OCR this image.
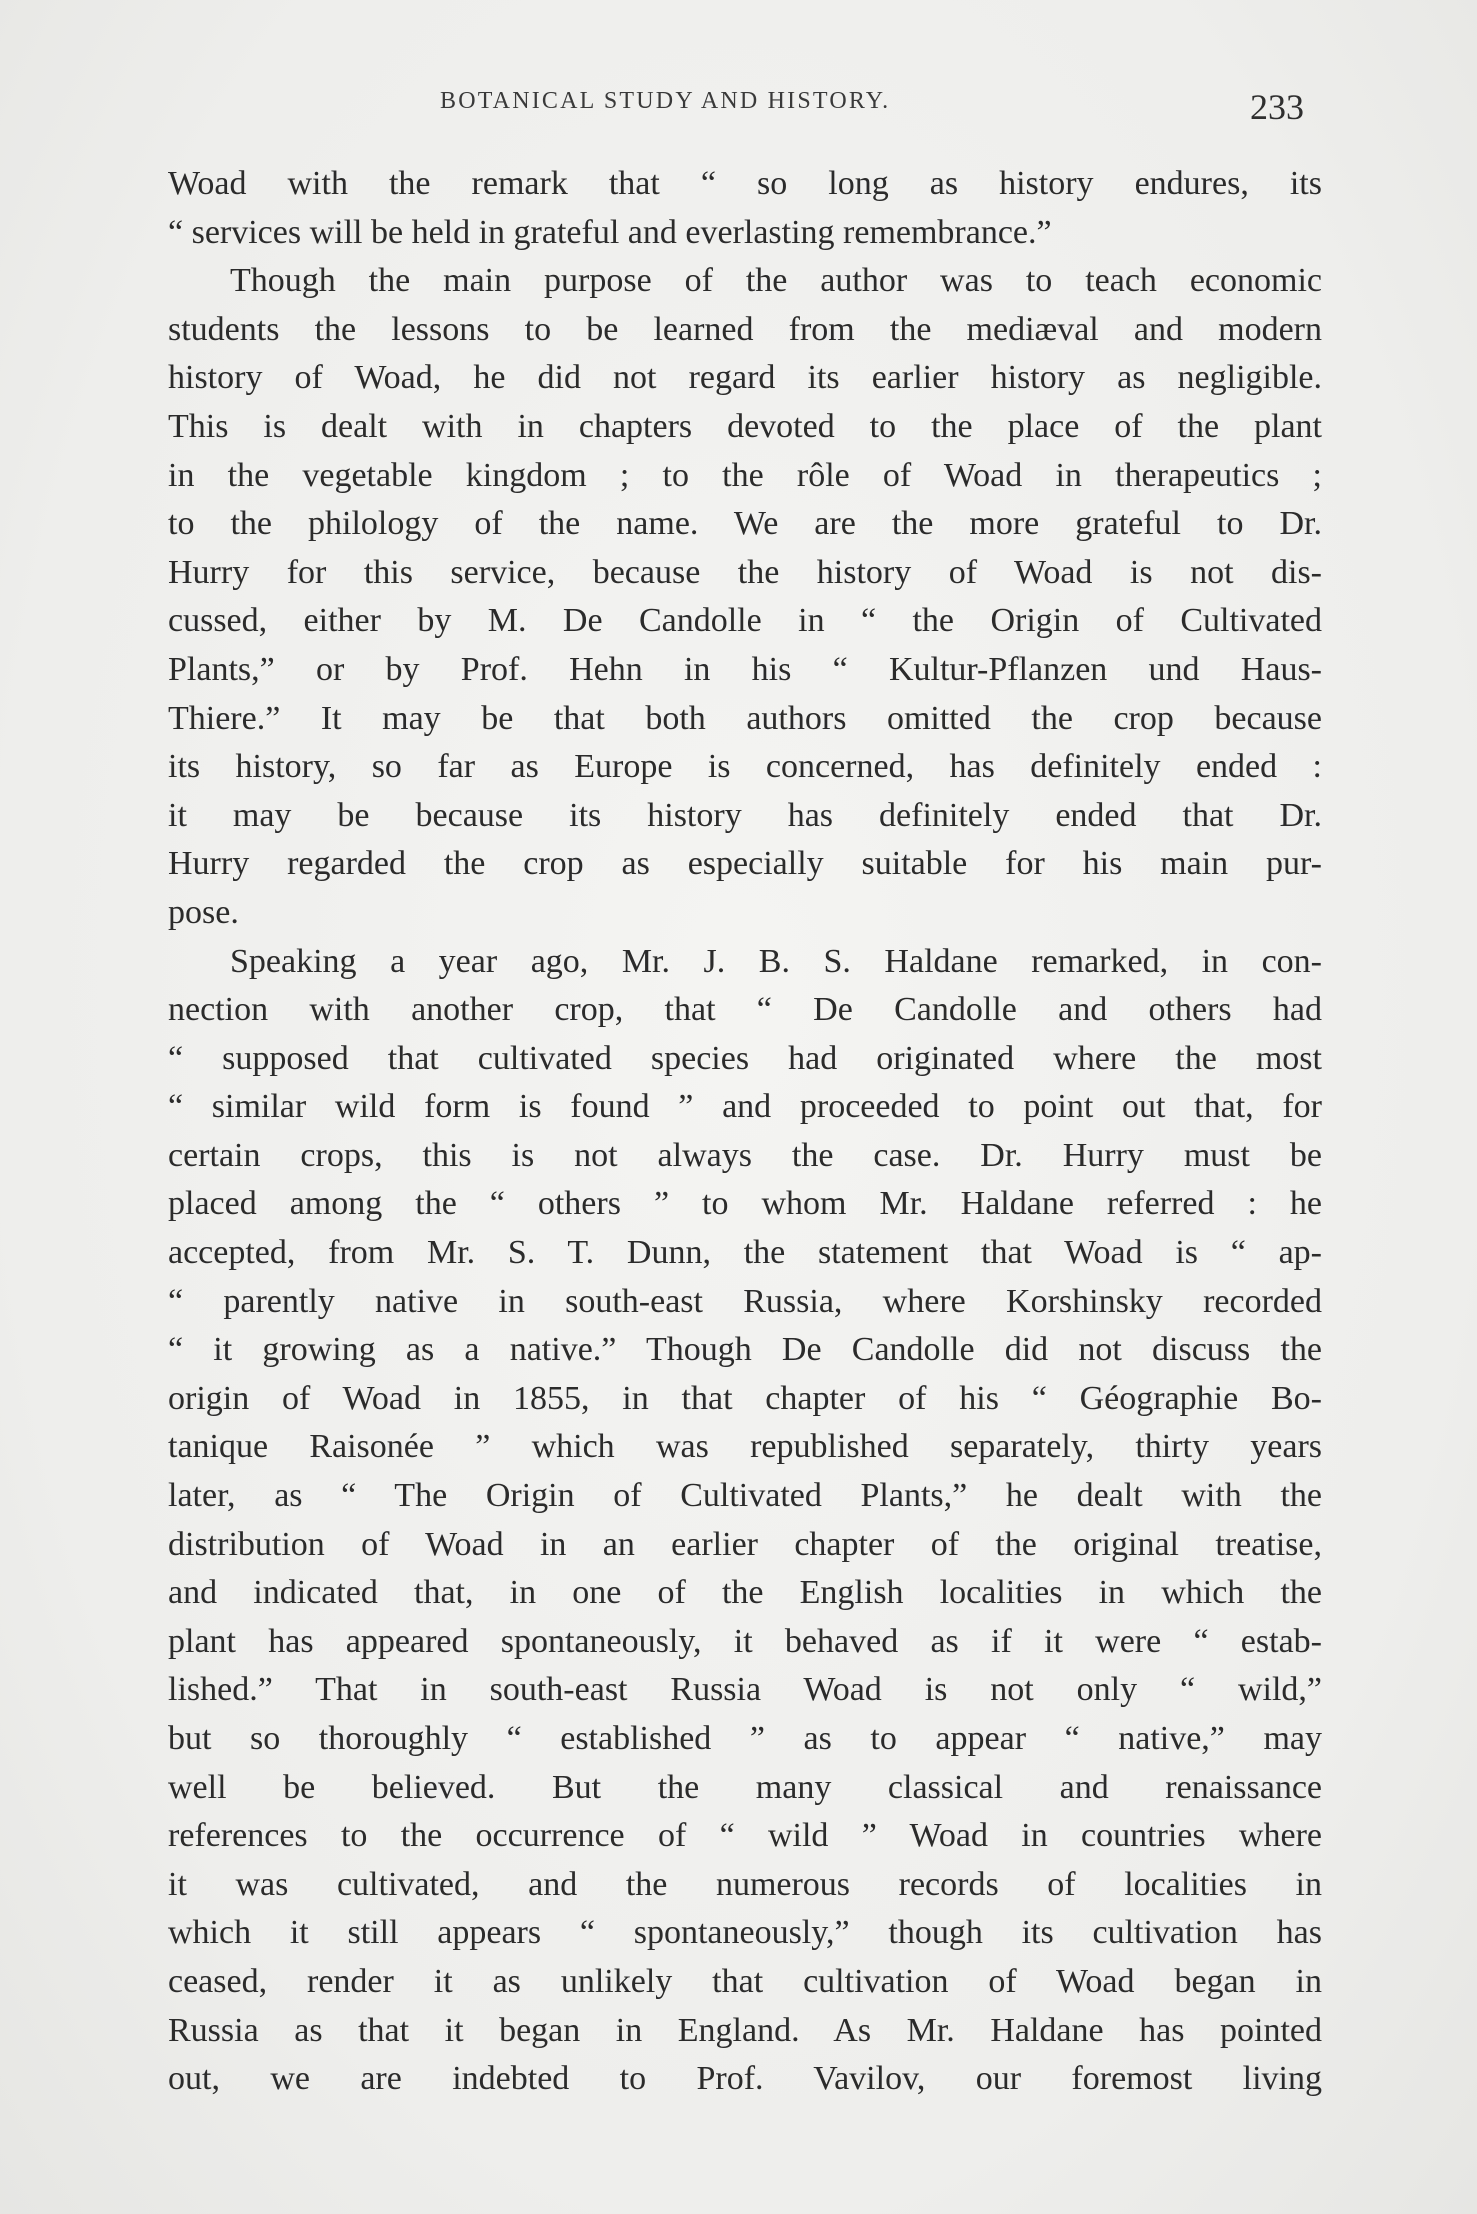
BOTANICAL STUDY AND HISTORY.	233
Woad with the remark that “ so long as history endures, its
“ services will be held in grateful and everlasting remembrance.”
Though the main purpose of the author was to teach economic
students the lessons to be learned from the mediæval and modern
history of Woad, he did not regard its earlier history as negligible.
This is dealt with in chapters devoted to the place of the plant
in the vegetable kingdom ; to the rôle of Woad in therapeutics ;
to the philology of the name. We are the more grateful to Dr.
Hurry for this service, because the history of Woad is not dis-
cussed, either by M. De Candolle in “ the Origin of Cultivated
Plants,” or by Prof. Hehn in his “ Kultur-Pflanzen und Haus-
Thiere.” It may be that both authors omitted the crop because
its history, so far as Europe is concerned, has definitely ended :
it may be because its history has definitely ended that Dr.
Hurry regarded the crop as especially suitable for his main pur-
pose.
Speaking a year ago, Mr. J. B. S. Haldane remarked, in con-
nection with another crop, that “ De Candolle and others had
“ supposed that cultivated species had originated where the most
“ similar wild form is found ” and proceeded to point out that, for
certain crops, this is not always the case. Dr. Hurry must be
placed among the “ others ” to whom Mr. Haldane referred : he
accepted, from Mr. S. T. Dunn, the statement that Woad is “ ap-
“ parently native in south-east Russia, where Korshinsky recorded
“ it growing as a native.” Though De Candolle did not discuss the
origin of Woad in 1855, in that chapter of his “ Géographie Bo-
tanique Raisonée ” which was republished separately, thirty years
later, as “ The Origin of Cultivated Plants,” he dealt with the
distribution of Woad in an earlier chapter of the original treatise,
and indicated that, in one of the English localities in which the
plant has appeared spontaneously, it behaved as if it were “ estab-
lished.” That in south-east Russia Woad is not only “ wild,”
but so thoroughly “ established ” as to appear “ native,” may
well be believed. But the many classical and renaissance
references to the occurrence of “ wild ” Woad in countries where
it was cultivated, and the numerous records of localities in
which it still appears “ spontaneously,” though its cultivation has
ceased, render it as unlikely that cultivation of Woad began in
Russia as that it began in England. As Mr. Haldane has pointed
out, we are indebted to Prof. Vavilov, our foremost living
